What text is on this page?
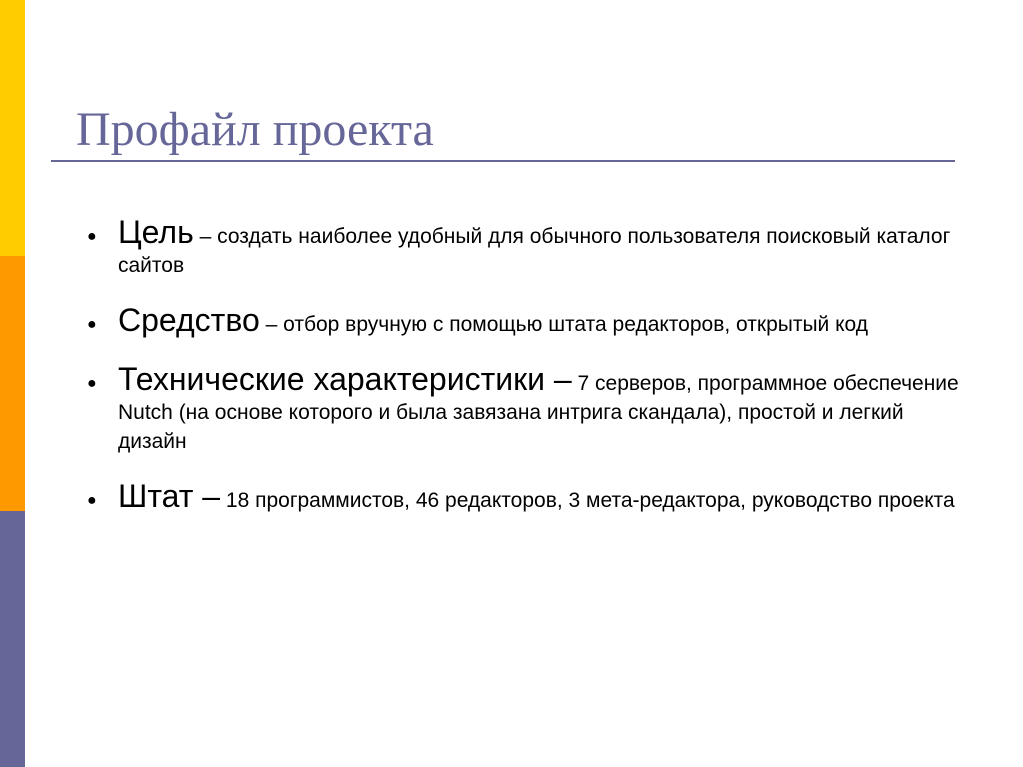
Профайл проекта
● Цель – создать наиболее удобный для обычного пользователя поисковый каталог сайтов
● Средство – отбор вручную с помощью штата редакторов, открытый код
● Технические характеристики – 7 серверов, программное обеспечение Nutch (на основе которого и была завязана интрига скандала), простой и легкий дизайн
● Штат – 18 программистов, 46 редакторов, 3 мета-редактора, руководство проекта
